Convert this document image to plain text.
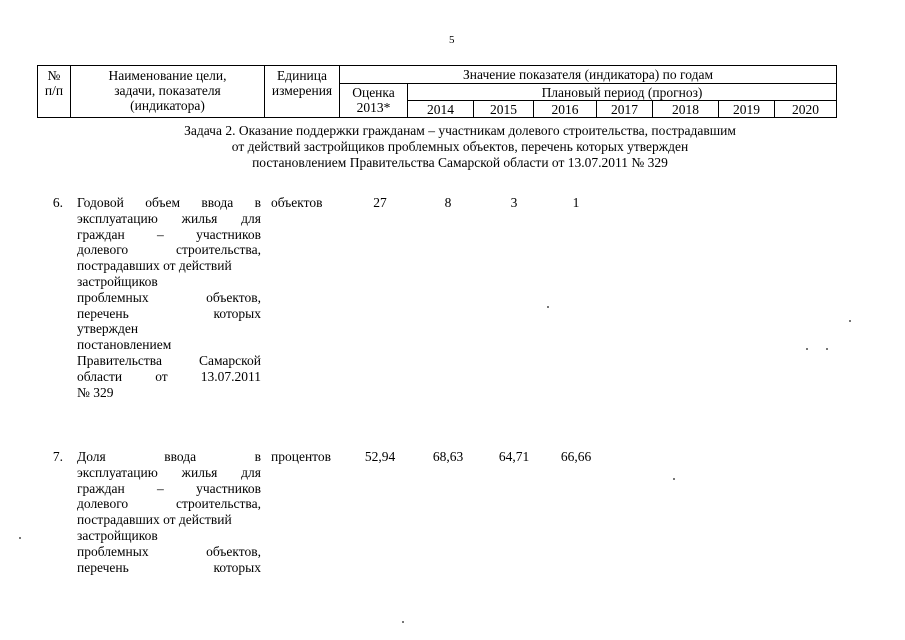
5
№ п/п	Наименование цели, задачи, показателя (индикатора)	Единица измерения	Значение показателя (индикатора) по годам							
			Оценка 2013*	Плановый период (прогноз)						
				2014	2015	2016	2017	2018	2019	2020
Задача 2. Оказание поддержки гражданам – участникам долевого строительства, пострадавшим
от действий застройщиков проблемных объектов, перечень которых утвержден
постановлением Правительства Самарской области от 13.07.2011 № 329
6. Годовой объем ввода в
эксплуатацию жилья для
граждан – участников
долевого строительства,
пострадавших от действий
застройщиков
проблемных объектов,
перечень которых
утвержден
постановлением
Правительства Самарской
области от 13.07.2011
№ 329
объектов	27	8	3	1
7. Доля ввода в
эксплуатацию жилья для
граждан – участников
долевого строительства,
пострадавших от действий
застройщиков
проблемных объектов,
перечень которых
процентов	52,94	68,63	64,71	66,66
